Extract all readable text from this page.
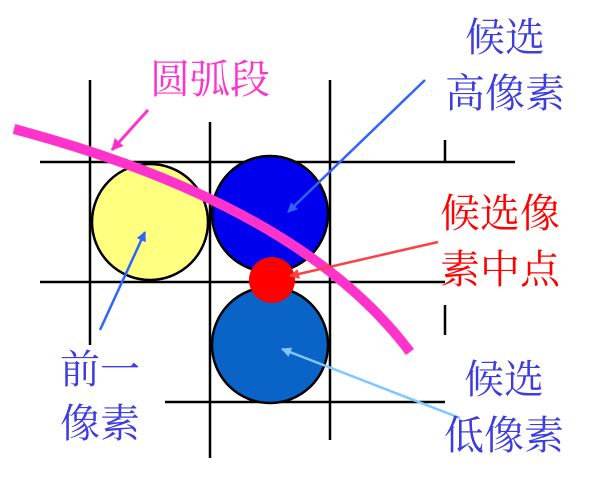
圆弧段
候选
高像素
候选像
素中点
前一
像素
候选
低像素
